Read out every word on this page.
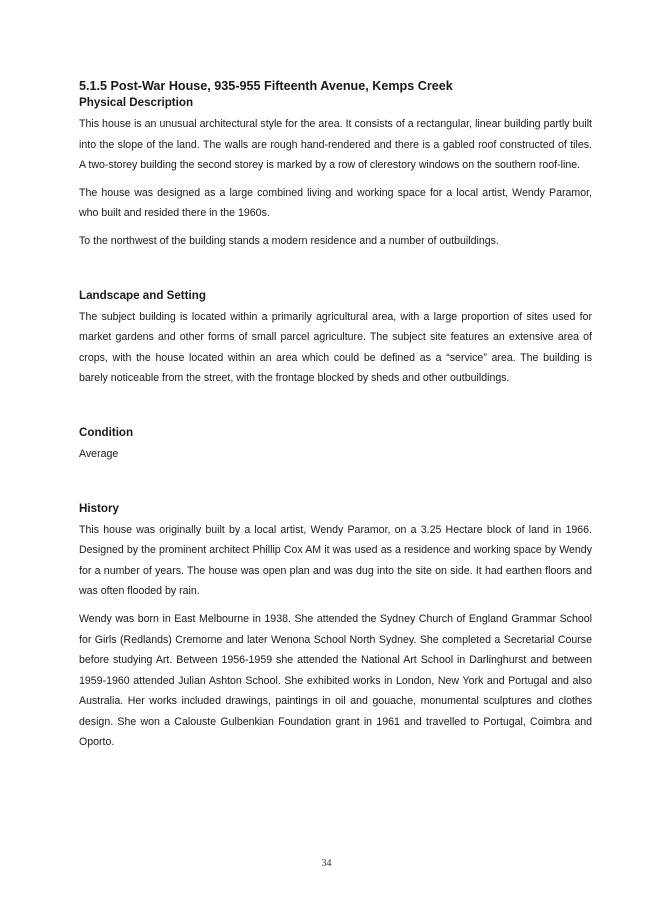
5.1.5 Post-War House, 935-955 Fifteenth Avenue, Kemps Creek
Physical Description

This house is an unusual architectural style for the area. It consists of a rectangular, linear building partly built into the slope of the land. The walls are rough hand-rendered and there is a gabled roof constructed of tiles. A two-storey building the second storey is marked by a row of clerestory windows on the southern roof-line.

The house was designed as a large combined living and working space for a local artist, Wendy Paramor, who built and resided there in the 1960s.

To the northwest of the building stands a modern residence and a number of outbuildings.

Landscape and Setting

The subject building is located within a primarily agricultural area, with a large proportion of sites used for market gardens and other forms of small parcel agriculture. The subject site features an extensive area of crops, with the house located within an area which could be defined as a “service” area. The building is barely noticeable from the street, with the frontage blocked by sheds and other outbuildings.

Condition

Average

History

This house was originally built by a local artist, Wendy Paramor, on a 3.25 Hectare block of land in 1966. Designed by the prominent architect Phillip Cox AM it was used as a residence and working space by Wendy for a number of years. The house was open plan and was dug into the site on side. It had earthen floors and was often flooded by rain.

Wendy was born in East Melbourne in 1938. She attended the Sydney Church of England Grammar School for Girls (Redlands) Cremorne and later Wenona School North Sydney. She completed a Secretarial Course before studying Art. Between 1956-1959 she attended the National Art School in Darlinghurst and between 1959-1960 attended Julian Ashton School. She exhibited works in London, New York and Portugal and also Australia. Her works included drawings, paintings in oil and gouache, monumental sculptures and clothes design. She won a Calouste Gulbenkian Foundation grant in 1961 and travelled to Portugal, Coimbra and Oporto.

34
